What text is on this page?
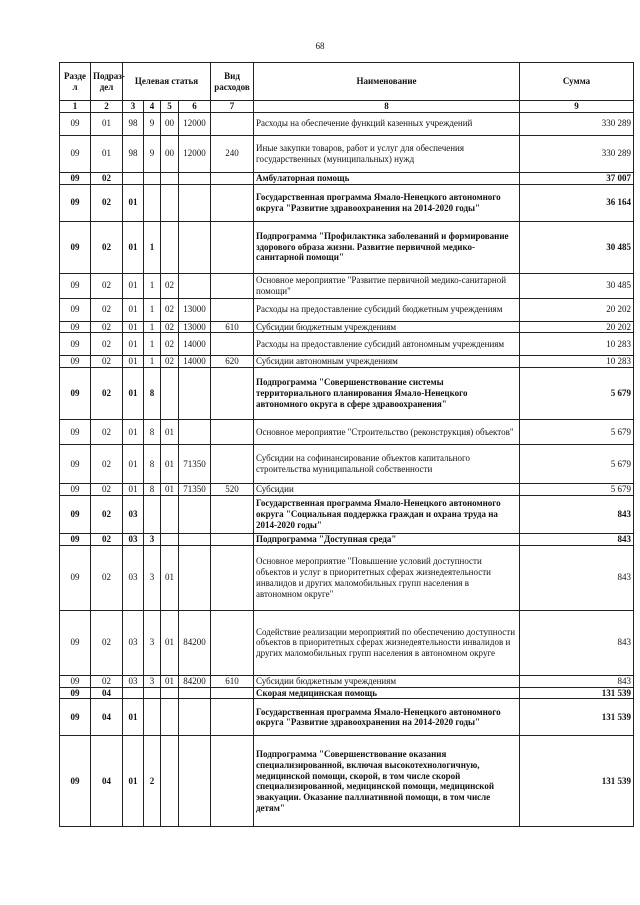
68
Разде л	Подраз- дел	Целевая статья				Вид расходов	Наименование	Сумма
1	2	3	4	5	6	7	8	9
09	01	98	9	00	12000		Расходы на обеспечение функций казенных учреждений	330 289
09	01	98	9	00	12000	240	Иные закупки товаров, работ и услуг для обеспечения государственных (муниципальных) нужд	330 289
09	02						Амбулаторная помощь	37 007
09	02	01					Государственная программа Ямало-Ненецкого автономного округа "Развитие здравоохранения на 2014-2020 годы"	36 164
09	02	01	1				Подпрограмма "Профилактика заболеваний и формирование здорового образа жизни. Развитие первичной медико-санитарной помощи"	30 485
09	02	01	1	02			Основное мероприятие "Развитие первичной медико-санитарной помощи"	30 485
09	02	01	1	02	13000		Расходы на предоставление субсидий бюджетным учреждениям	20 202
09	02	01	1	02	13000	610	Субсидии бюджетным учреждениям	20 202
09	02	01	1	02	14000		Расходы на предоставление субсидий автономным учреждениям	10 283
09	02	01	1	02	14000	620	Субсидии автономным учреждениям	10 283
09	02	01	8				Подпрограмма "Совершенствование системы территориального планирования Ямало-Ненецкого автономного округа в сфере здравоохранения"	5 679
09	02	01	8	01			Основное мероприятие "Строительство (реконструкция) объектов"	5 679
09	02	01	8	01	71350		Субсидии на софинансирование объектов капитального строительства муниципальной собственности	5 679
09	02	01	8	01	71350	520	Субсидии	5 679
09	02	03					Государственная программа Ямало-Ненецкого автономного округа "Социальная поддержка граждан и охрана труда на 2014-2020 годы"	843
09	02	03	3				Подпрограмма "Доступная среда"	843
09	02	03	3	01			Основное мероприятие "Повышение условий доступности объектов и услуг в приоритетных сферах жизнедеятельности инвалидов и других маломобильных групп населения в автономном округе"	843
09	02	03	3	01	84200		Содействие реализации мероприятий по обеспечению доступности объектов в приоритетных сферах жизнедеятельности инвалидов и других маломобильных групп населения в автономном округе	843
09	02	03	3	01	84200	610	Субсидии бюджетным учреждениям	843
09	04						Скорая медицинская помощь	131 539
09	04	01					Государственная программа Ямало-Ненецкого автономного округа "Развитие здравоохранения на 2014-2020 годы"	131 539
09	04	01	2				Подпрограмма "Совершенствование оказания специализированной, включая высокотехнологичную, медицинской помощи, скорой, в том числе скорой специализированной, медицинской помощи, медицинской эвакуации. Оказание паллиативной помощи, в том числе детям"	131 539
